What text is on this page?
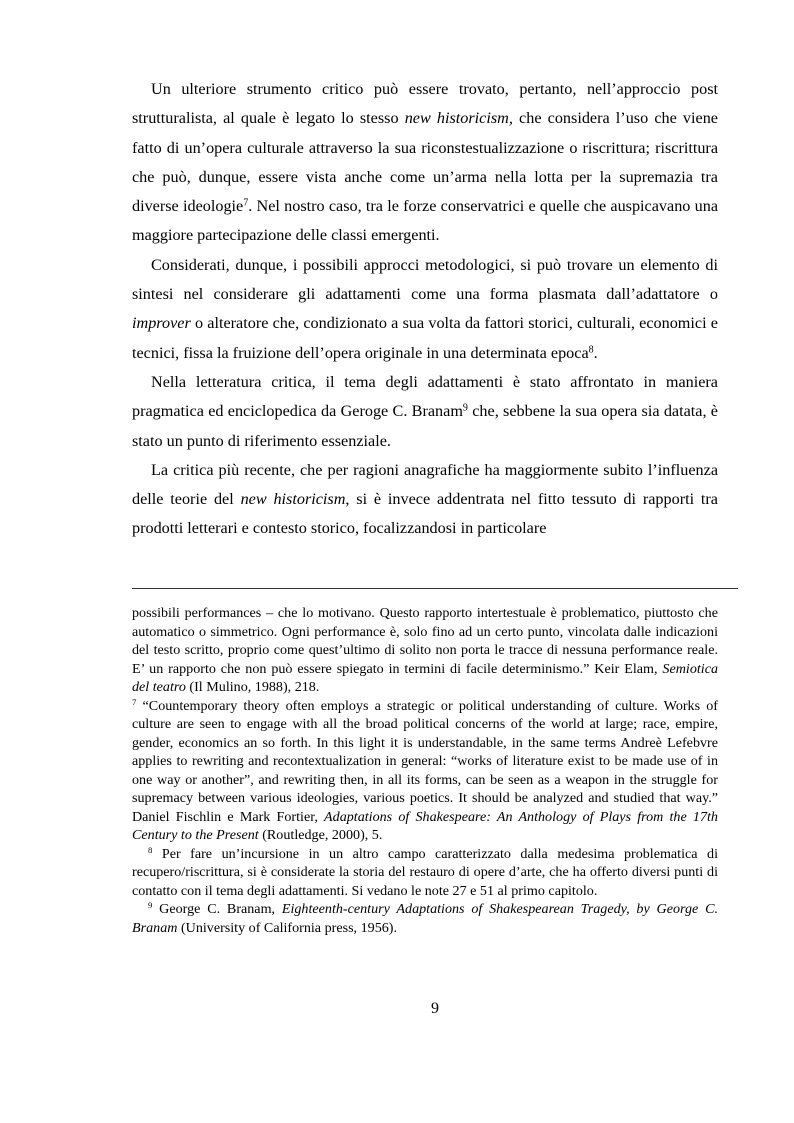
Un ulteriore strumento critico può essere trovato, pertanto, nell’approccio post strutturalista, al quale è legato lo stesso new historicism, che considera l’uso che viene fatto di un’opera culturale attraverso la sua riconstestualizzazione o riscrittura; riscrittura che può, dunque, essere vista anche come un’arma nella lotta per la supremazia tra diverse ideologie$^7$. Nel nostro caso, tra le forze conservatrici e quelle che auspicavano una maggiore partecipazione delle classi emergenti.

Considerati, dunque, i possibili approcci metodologici, si può trovare un elemento di sintesi nel considerare gli adattamenti come una forma plasmata dall’adattatore o improver o alteratore che, condizionato a sua volta da fattori storici, culturali, economici e tecnici, fissa la fruizione dell’opera originale in una determinata epoca$^8$.

Nella letteratura critica, il tema degli adattamenti è stato affrontato in maniera pragmatica ed enciclopedica da Geroge C. Branam$^9$ che, sebbene la sua opera sia datata, è stato un punto di riferimento essenziale.

La critica più recente, che per ragioni anagrafiche ha maggiormente subito l’influenza delle teorie del new historicism, si è invece addentrata nel fitto tessuto di rapporti tra prodotti letterari e contesto storico, focalizzandosi in particolare

possibili performances – che lo motivano. Questo rapporto intertestuale è problematico, piuttosto che automatico o simmetrico. Ogni performance è, solo fino ad un certo punto, vincolata dalle indicazioni del testo scritto, proprio come quest’ultimo di solito non porta le tracce di nessuna performance reale. E’ un rapporto che non può essere spiegato in termini di facile determinismo.” Keir Elam, Semiotica del teatro (Il Mulino, 1988), 218.

$^7$ “Countemporary theory often employs a strategic or political understanding of culture. Works of culture are seen to engage with all the broad political concerns of the world at large; race, empire, gender, economics an so forth. In this light it is understandable, in the same terms Andreè Lefebvre applies to rewriting and recontextualization in general: “works of literature exist to be made use of in one way or another”, and rewriting then, in all its forms, can be seen as a weapon in the struggle for supremacy between various ideologies, various poetics. It should be analyzed and studied that way.” Daniel Fischlin e Mark Fortier, Adaptations of Shakespeare: An Anthology of Plays from the 17th Century to the Present (Routledge, 2000), 5.

$^8$ Per fare un’incursione in un altro campo caratterizzato dalla medesima problematica di recupero/riscrittura, si è considerate la storia del restauro di opere d’arte, che ha offerto diversi punti di contatto con il tema degli adattamenti. Si vedano le note 27 e 51 al primo capitolo.

$^9$ George C. Branam, Eighteenth-century Adaptations of Shakespearean Tragedy, by George C. Branam (University of California press, 1956).

9
